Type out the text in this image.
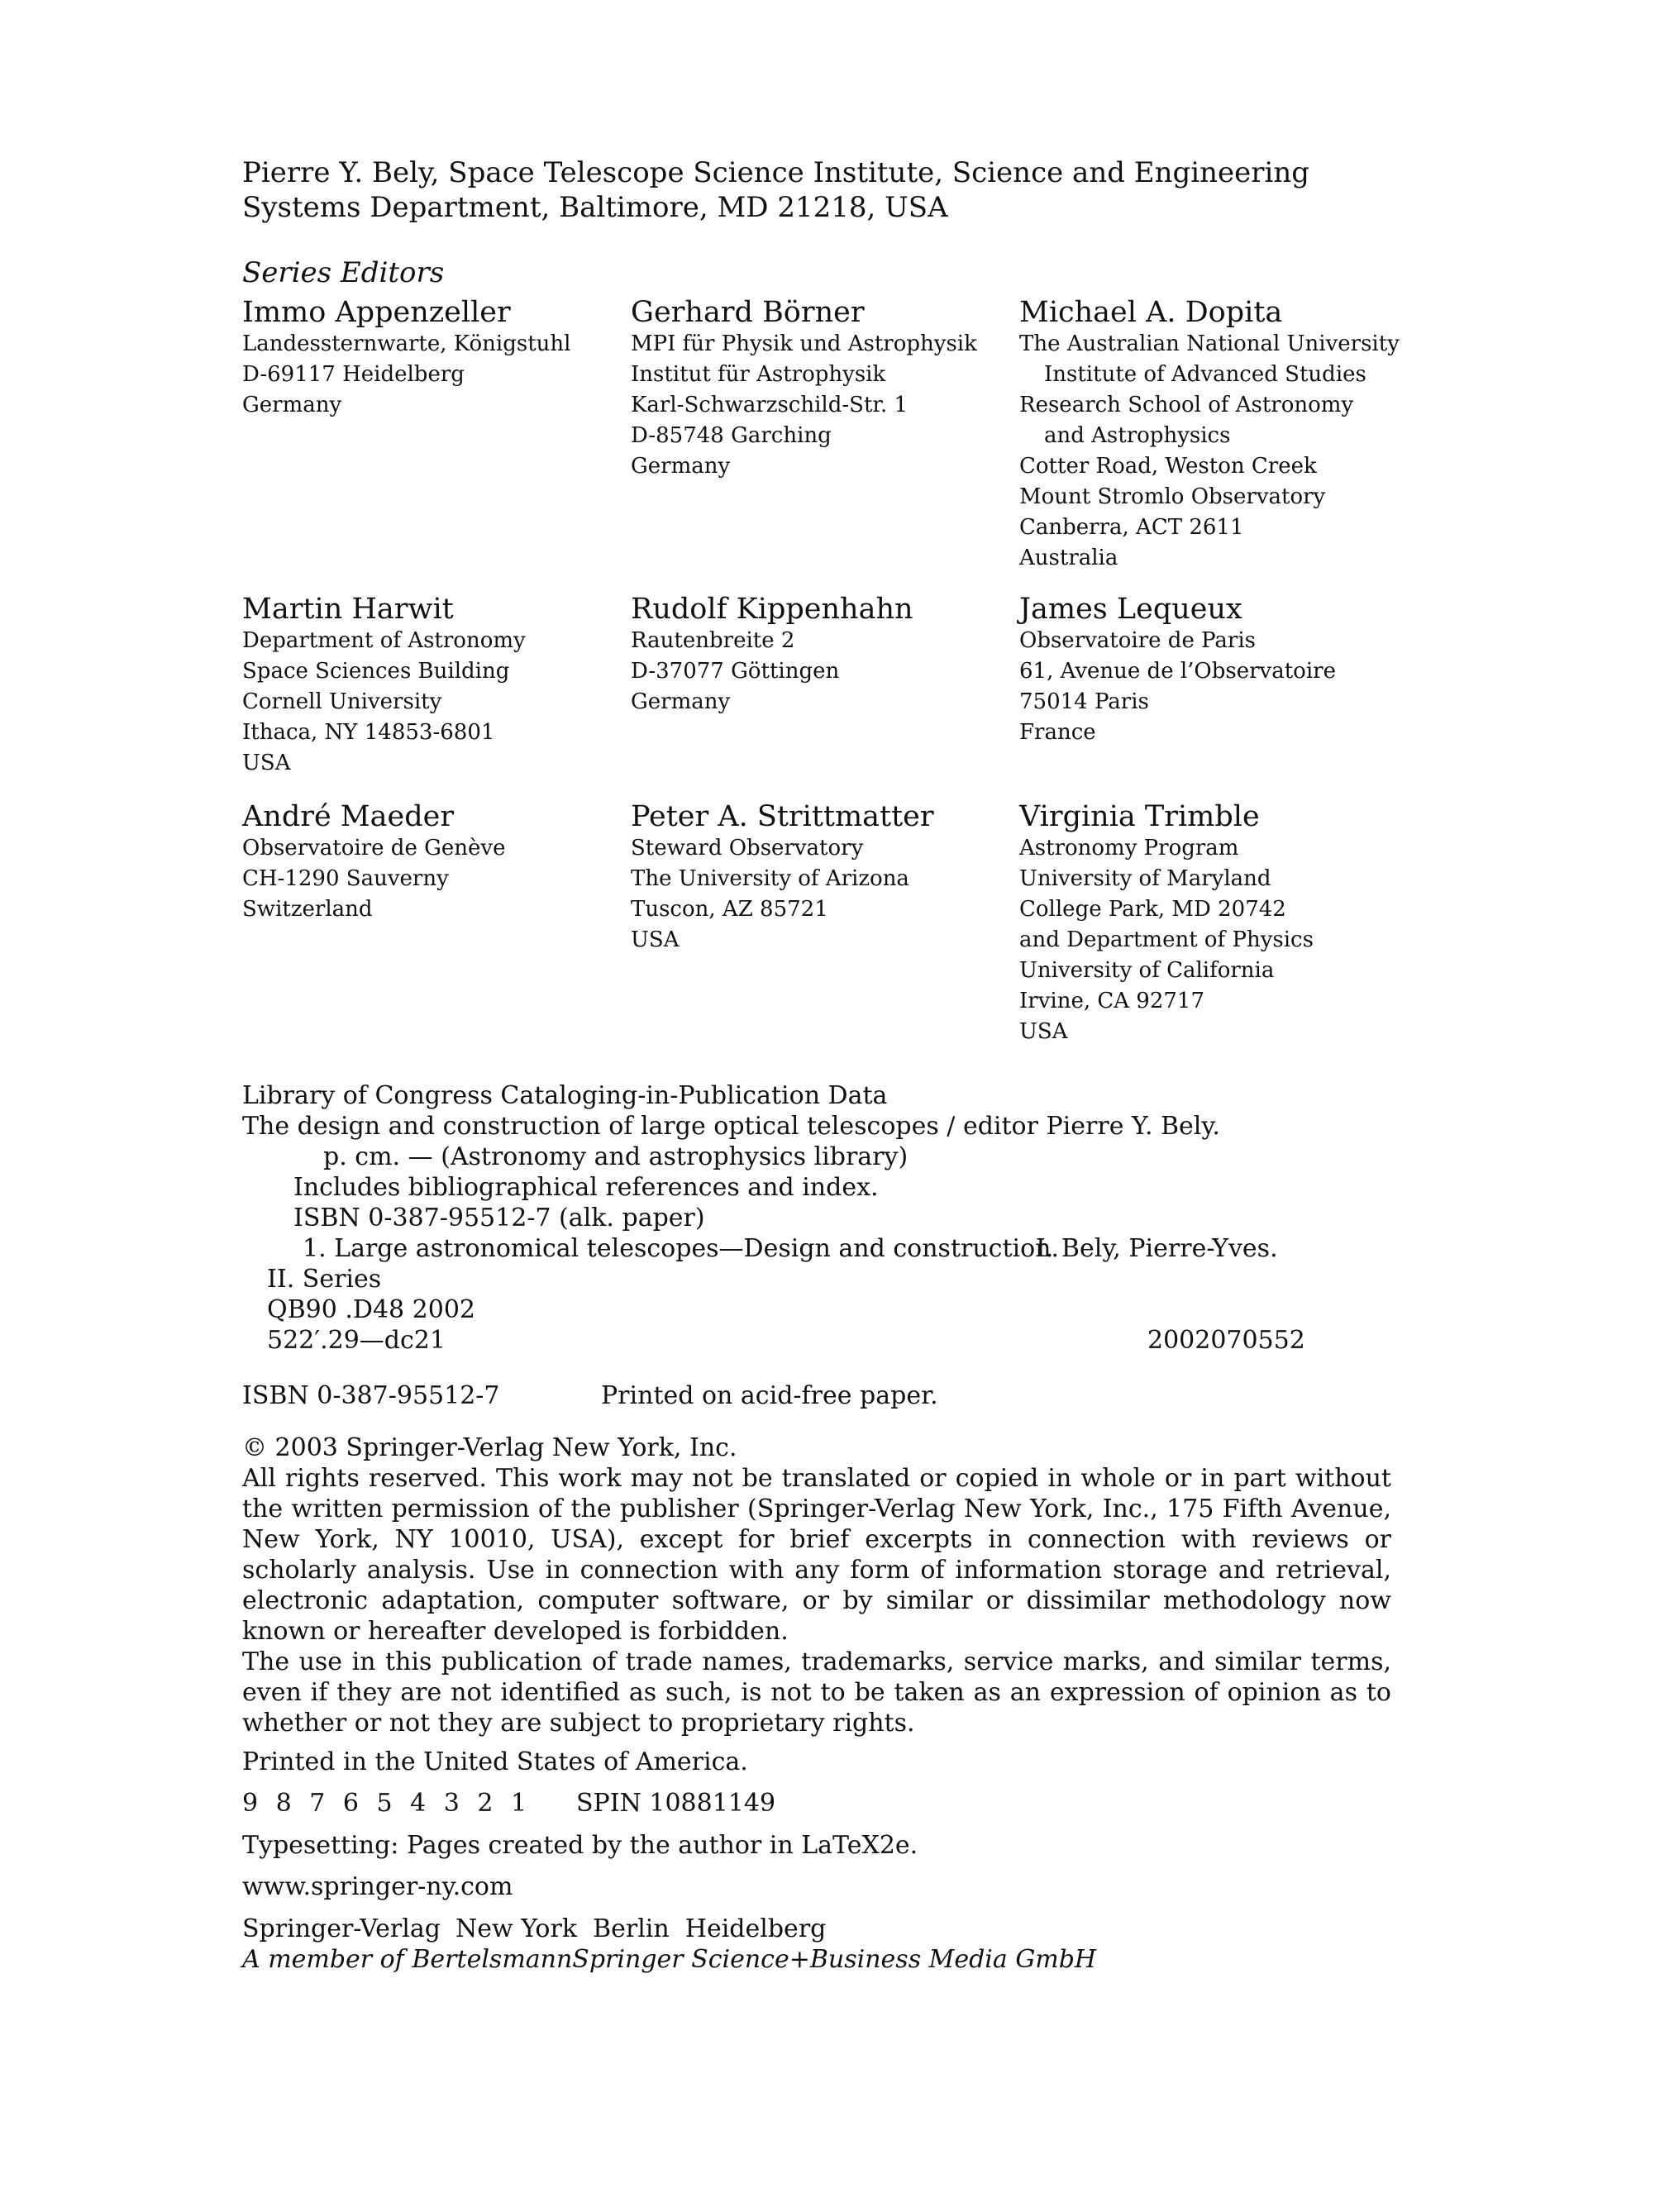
Pierre Y. Bely, Space Telescope Science Institute, Science and Engineering Systems Department, Baltimore, MD 21218, USA
Series Editors
Immo Appenzeller
Landessternwarte, Königstuhl
D-69117 Heidelberg
Germany
Gerhard Börner
MPI für Physik und Astrophysik
Institut für Astrophysik
Karl-Schwarzschild-Str. 1
D-85748 Garching
Germany
Michael A. Dopita
The Australian National University
Institute of Advanced Studies
Research School of Astronomy
and Astrophysics
Cotter Road, Weston Creek
Mount Stromlo Observatory
Canberra, ACT 2611
Australia
Martin Harwit
Department of Astronomy
Space Sciences Building
Cornell University
Ithaca, NY 14853-6801
USA
Rudolf Kippenhahn
Rautenbreite 2
D-37077 Göttingen
Germany
James Lequeux
Observatoire de Paris
61, Avenue de l’Observatoire
75014 Paris
France
André Maeder
Observatoire de Genève
CH-1290 Sauverny
Switzerland
Peter A. Strittmatter
Steward Observatory
The University of Arizona
Tuscon, AZ 85721
USA
Virginia Trimble
Astronomy Program
University of Maryland
College Park, MD 20742
and Department of Physics
University of California
Irvine, CA 92717
USA
Library of Congress Cataloging-in-Publication Data
The design and construction of large optical telescopes / editor Pierre Y. Bely.
p. cm. — (Astronomy and astrophysics library)
Includes bibliographical references and index.
ISBN 0-387-95512-7 (alk. paper)
1. Large astronomical telescopes—Design and construction.
I. Bely, Pierre-Yves.
II. Series
QB90 .D48 2002
522′.29—dc21	2002070552
ISBN 0-387-95512-7	Printed on acid-free paper.
© 2003 Springer-Verlag New York, Inc.
All rights reserved. This work may not be translated or copied in whole or in part without the written permission of the publisher (Springer-Verlag New York, Inc., 175 Fifth Avenue, New York, NY 10010, USA), except for brief excerpts in connection with reviews or scholarly analysis. Use in connection with any form of information storage and retrieval, electronic adaptation, computer software, or by similar or dissimilar methodology now known or hereafter developed is forbidden.
The use in this publication of trade names, trademarks, service marks, and similar terms, even if they are not identified as such, is not to be taken as an expression of opinion as to whether or not they are subject to proprietary rights.
Printed in the United States of America.
9 8 7 6 5 4 3 2 1 SPIN 10881149
Typesetting: Pages created by the author in LaTeX2e.
www.springer-ny.com
Springer-Verlag New York  Berlin  Heidelberg
A member of BertelsmannSpringer Science+Business Media GmbH
